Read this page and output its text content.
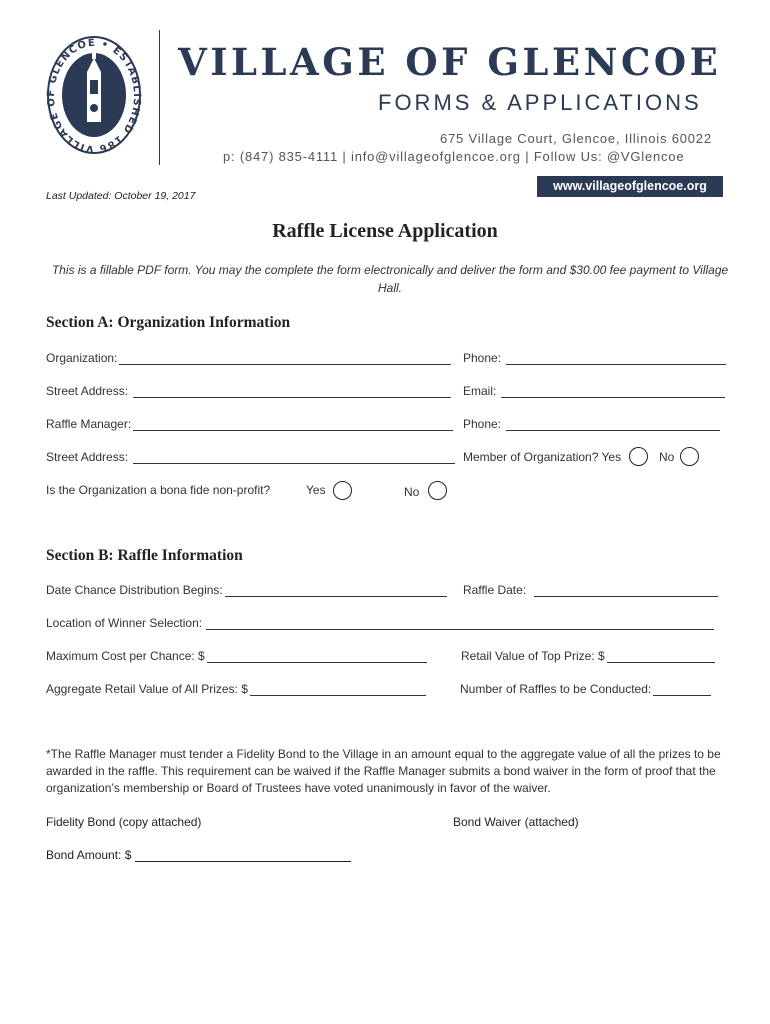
VILLAGE OF GLENCOE • ESTABLISHED 186
VILLAGE OF GLENCOE
FORMS & APPLICATIONS
675 Village Court, Glencoe, Illinois 60022
p: (847) 835-4111 | info@villageofglencoe.org | Follow Us: @VGlencoe
www.villageofglencoe.org
Last Updated: October 19, 2017
Raffle License Application
This is a fillable PDF form. You may the complete the form electronically and deliver the form and $30.00 fee payment to Village Hall.
Section A: Organization Information
Organization:	Phone:
Street Address:	Email:
Raffle Manager:	Phone:
Street Address:	Member of Organization? Yes	No
Is the Organization a bona fide non-profit?	Yes	No
Section B: Raffle Information
Date Chance Distribution Begins:	Raffle Date:
Location of Winner Selection:
Maximum Cost per Chance: $	Retail Value of Top Prize: $
Aggregate Retail Value of All Prizes: $	Number of Raffles to be Conducted:
*The Raffle Manager must tender a Fidelity Bond to the Village in an amount equal to the aggregate value of all the prizes to be awarded in the raffle. This requirement can be waived if the Raffle Manager submits a bond waiver in the form of proof that the organization’s membership or Board of Trustees have voted unanimously in favor of the waiver.
Fidelity Bond (copy attached)	Bond Waiver (attached)
Bond Amount: $
